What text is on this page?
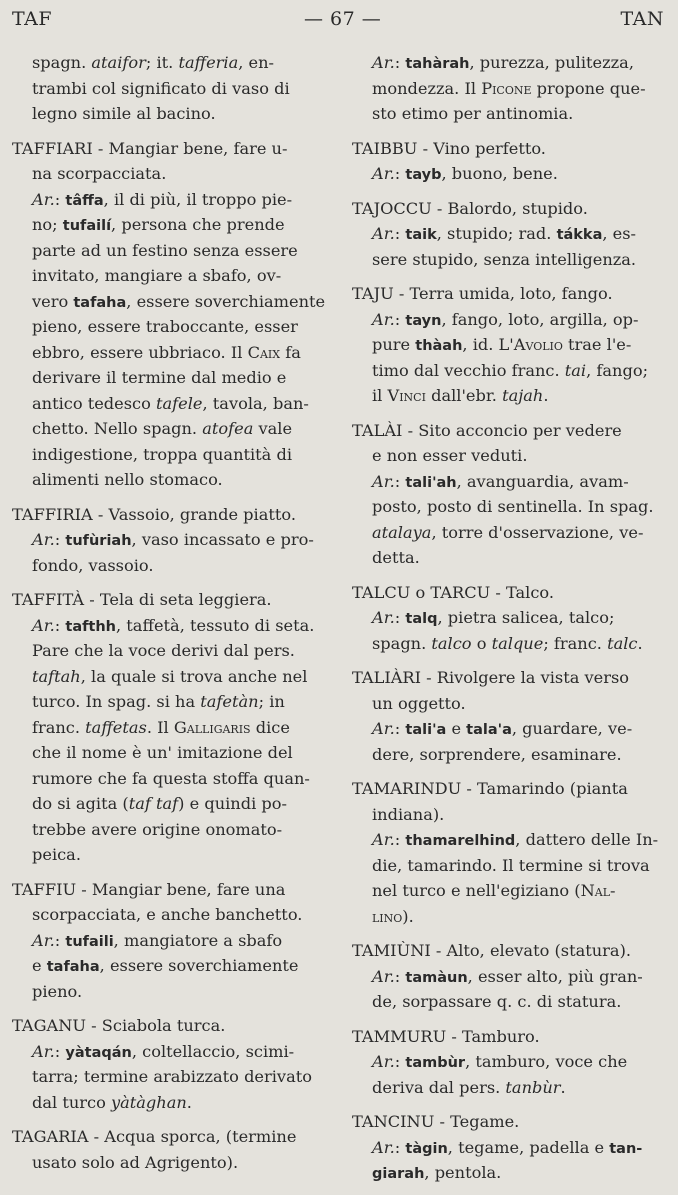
TAF	— 67 —	TAN
spagn. ataifor; it. tafferia, en-
trambi col significato di vaso di
legno simile al bacino.
TAFFIARI - Mangiar bene, fare u-
na scorpacciata.
Ar.: tâffa, il di più, il troppo pie-
no; tufailí, persona che prende
parte ad un festino senza essere
invitato, mangiare a sbafo, ov-
vero tafaha, essere soverchiamente
pieno, essere traboccante, esser
ebbro, essere ubbriaco. Il Caix fa
derivare il termine dal medio e
antico tedesco tafele, tavola, ban-
chetto. Nello spagn. atofea vale
indigestione, troppa quantità di
alimenti nello stomaco.
TAFFIRIA - Vassoio, grande piatto.
Ar.: tufùriah, vaso incassato e pro-
fondo, vassoio.
TAFFITÀ - Tela di seta leggiera.
Ar.: tafthh, taffetà, tessuto di seta.
Pare che la voce derivi dal pers.
taftah, la quale si trova anche nel
turco. In spag. si ha tafetàn; in
franc. taffetas. Il Galligaris dice
che il nome è un' imitazione del
rumore che fa questa stoffa quan-
do si agita (taf taf) e quindi po-
trebbe avere origine onomato-
peica.
TAFFIU - Mangiar bene, fare una
scorpacciata, e anche banchetto.
Ar.: tufaili, mangiatore a sbafo
e tafaha, essere soverchiamente
pieno.
TAGANU - Sciabola turca.
Ar.: yàtaqán, coltellaccio, scimi-
tarra; termine arabizzato derivato
dal turco yàtàghan.
TAGARIA - Acqua sporca, (termine
usato solo ad Agrigento).
Ar.: tahàrah, purezza, pulitezza,
mondezza. Il Picone propone que-
sto etimo per antinomia.
TAIBBU - Vino perfetto.
Ar.: tayb, buono, bene.
TAJOCCU - Balordo, stupido.
Ar.: taik, stupido; rad. tákka, es-
sere stupido, senza intelligenza.
TAJU - Terra umida, loto, fango.
Ar.: tayn, fango, loto, argilla, op-
pure thàah, id. L'Avolio trae l'e-
timo dal vecchio franc. tai, fango;
il Vinci dall'ebr. tajah.
TALÀI - Sito acconcio per vedere
e non esser veduti.
Ar.: tali'ah, avanguardia, avam-
posto, posto di sentinella. In spag.
atalaya, torre d'osservazione, ve-
detta.
TALCU o TARCU - Talco.
Ar.: talq, pietra salicea, talco;
spagn. talco o talque; franc. talc.
TALIÀRI - Rivolgere la vista verso
un oggetto.
Ar.: tali'a e tala'a, guardare, ve-
dere, sorprendere, esaminare.
TAMARINDU - Tamarindo (pianta
indiana).
Ar.: thamarelhind, dattero delle In-
die, tamarindo. Il termine si trova
nel turco e nell'egiziano (Nal-
lino).
TAMIÙNI - Alto, elevato (statura).
Ar.: tamàun, esser alto, più gran-
de, sorpassare q. c. di statura.
TAMMURU - Tamburo.
Ar.: tambùr, tamburo, voce che
deriva dal pers. tanbùr.
TANCINU - Tegame.
Ar.: tàgin, tegame, padella e tan-
giarah, pentola.
